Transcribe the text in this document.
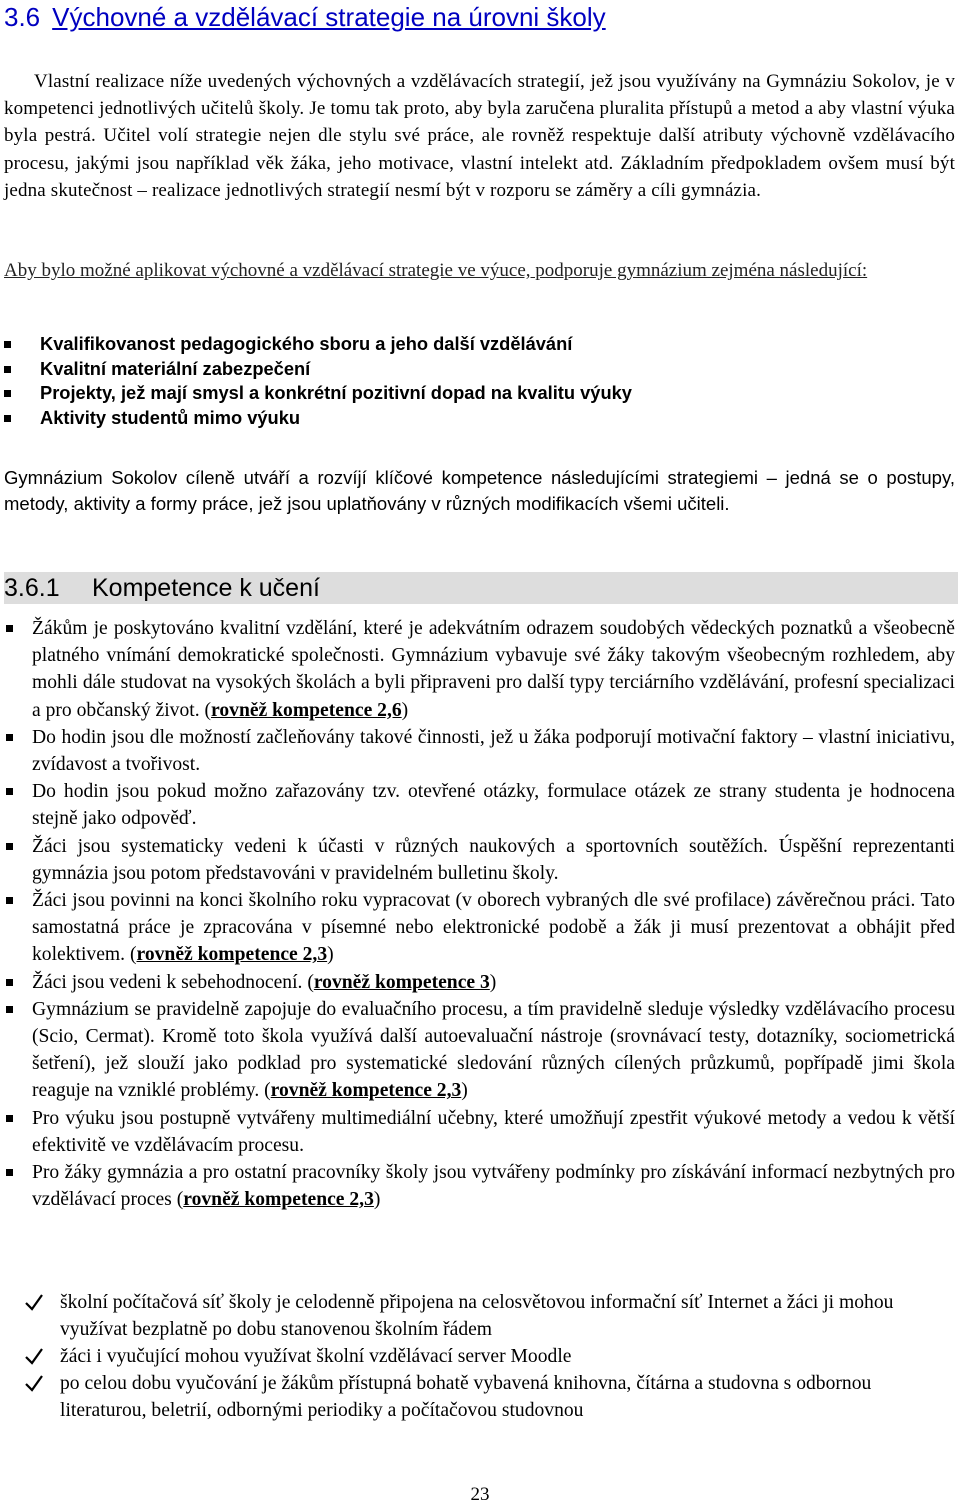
3.6 Výchovné a vzdělávací strategie na úrovni školy
Vlastní realizace níže uvedených výchovných a vzdělávacích strategií, jež jsou využívány na Gymnáziu Sokolov, je v kompetenci jednotlivých učitelů školy. Je tomu tak proto, aby byla zaručena pluralita přístupů a metod a aby vlastní výuka byla pestrá. Učitel volí strategie nejen dle stylu své práce, ale rovněž respektuje další atributy výchovně vzdělávacího procesu, jakými jsou například věk žáka, jeho motivace, vlastní intelekt atd. Základním předpokladem ovšem musí být jedna skutečnost – realizace jednotlivých strategií nesmí být v rozporu se záměry a cíli gymnázia.
Aby bylo možné aplikovat výchovné a vzdělávací strategie ve výuce, podporuje gymnázium zejména následující:
Kvalifikovanost pedagogického sboru a jeho další vzdělávání
Kvalitní materiální zabezpečení
Projekty, jež mají smysl a konkrétní pozitivní dopad na kvalitu výuky
Aktivity studentů mimo výuku
Gymnázium Sokolov cíleně utváří a rozvíjí klíčové kompetence následujícími strategiemi – jedná se o postupy, metody, aktivity a formy práce, jež jsou uplatňovány v různých modifikacích všemi učiteli.
3.6.1 Kompetence k učení
Žákům je poskytováno kvalitní vzdělání, které je adekvátním odrazem soudobých vědeckých poznatků a všeobecně platného vnímání demokratické společnosti. Gymnázium vybavuje své žáky takovým všeobecným rozhledem, aby mohli dále studovat na vysokých školách a byli připraveni pro další typy terciárního vzdělávání, profesní specializaci a pro občanský život. (rovněž kompetence 2,6)
Do hodin jsou dle možností začleňovány takové činnosti, jež u žáka podporují motivační faktory – vlastní iniciativu, zvídavost a tvořivost.
Do hodin jsou pokud možno zařazovány tzv. otevřené otázky, formulace otázek ze strany studenta je hodnocena stejně jako odpověď.
Žáci jsou systematicky vedeni k účasti v různých naukových a sportovních soutěžích. Úspěšní reprezentanti gymnázia jsou potom představováni v pravidelném bulletinu školy.
Žáci jsou povinni na konci školního roku vypracovat (v oborech vybraných dle své profilace) závěrečnou práci. Tato samostatná práce je zpracována v písemné nebo elektronické podobě a žák ji musí prezentovat a obhájit před kolektivem. (rovněž kompetence 2,3)
Žáci jsou vedeni k sebehodnocení. (rovněž kompetence 3)
Gymnázium se pravidelně zapojuje do evaluačního procesu, a tím pravidelně sleduje výsledky vzdělávacího procesu (Scio, Cermat). Kromě toto škola využívá další autoevaluační nástroje (srovnávací testy, dotazníky, sociometrická šetření), jež slouží jako podklad pro systematické sledování různých cílených průzkumů, popřípadě jimi škola reaguje na vzniklé problémy. (rovněž kompetence 2,3)
Pro výuku jsou postupně vytvářeny multimediální učebny, které umožňují zpestřit výukové metody a vedou k větší efektivitě ve vzdělávacím procesu.
Pro žáky gymnázia a pro ostatní pracovníky školy jsou vytvářeny podmínky pro získávání informací nezbytných pro vzdělávací proces (rovněž kompetence 2,3)
školní počítačová síť školy je celodenně připojena na celosvětovou informační síť Internet a žáci ji mohou využívat bezplatně po dobu stanovenou školním řádem
žáci i vyučující mohou využívat školní vzdělávací server Moodle
po celou dobu vyučování je žákům přístupná bohatě vybavená knihovna, čítárna a studovna s odbornou literaturou, beletrií, odbornými periodiky a počítačovou studovnou
23
